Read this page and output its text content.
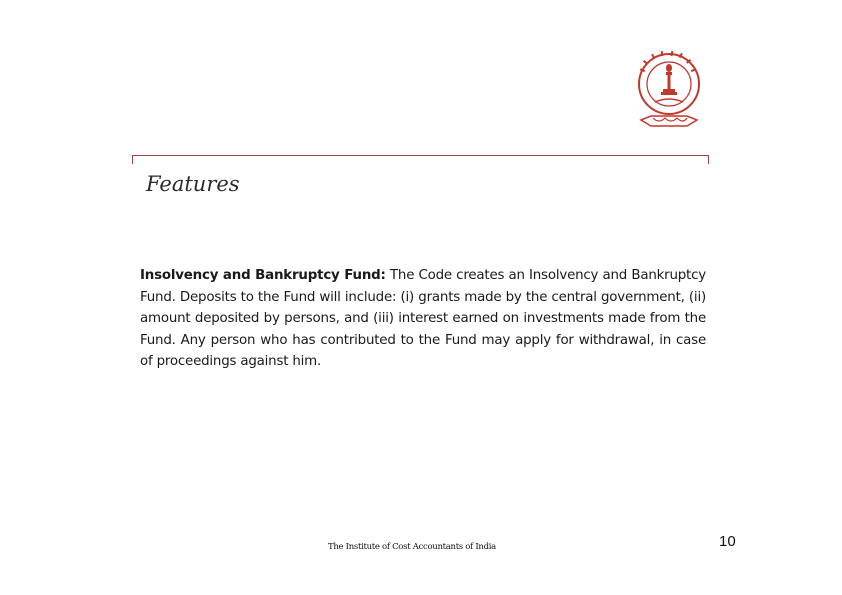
Features

Insolvency and Bankruptcy Fund: The Code creates an Insolvency and Bankruptcy Fund. Deposits to the Fund will include: (i) grants made by the central government, (ii) amount deposited by persons, and (iii) interest earned on investments made from the Fund. Any person who has contributed to the Fund may apply for withdrawal, in case of proceedings against him.

The Institute of Cost Accountants of India	10
